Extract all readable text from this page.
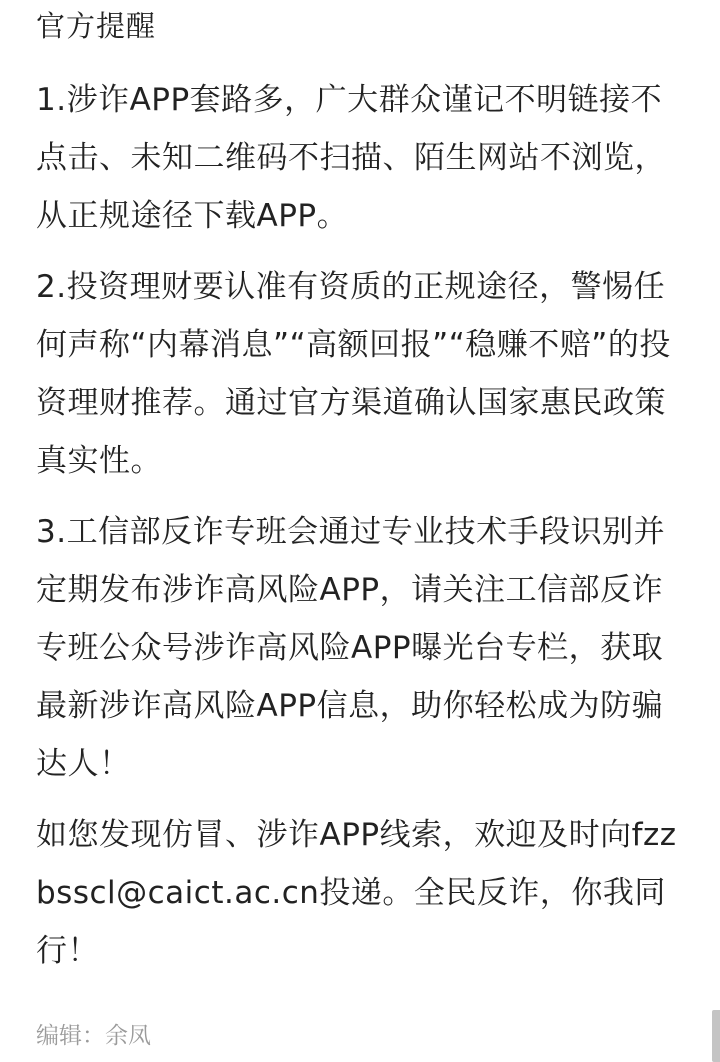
官方提醒

1.涉诈APP套路多，广大群众谨记不明链接不点击、未知二维码不扫描、陌生网站不浏览，从正规途径下载APP。

2.投资理财要认准有资质的正规途径，警惕任何声称“内幕消息”“高额回报”“稳赚不赔”的投资理财推荐。通过官方渠道确认国家惠民政策真实性。

3.工信部反诈专班会通过专业技术手段识别并定期发布涉诈高风险APP，请关注工信部反诈专班公众号涉诈高风险APP曝光台专栏，获取最新涉诈高风险APP信息，助你轻松成为防骗达人！

如您发现仿冒、涉诈APP线索，欢迎及时向fzzbsscl@caict.ac.cn投递。全民反诈，你我同行！

编辑：余凤
